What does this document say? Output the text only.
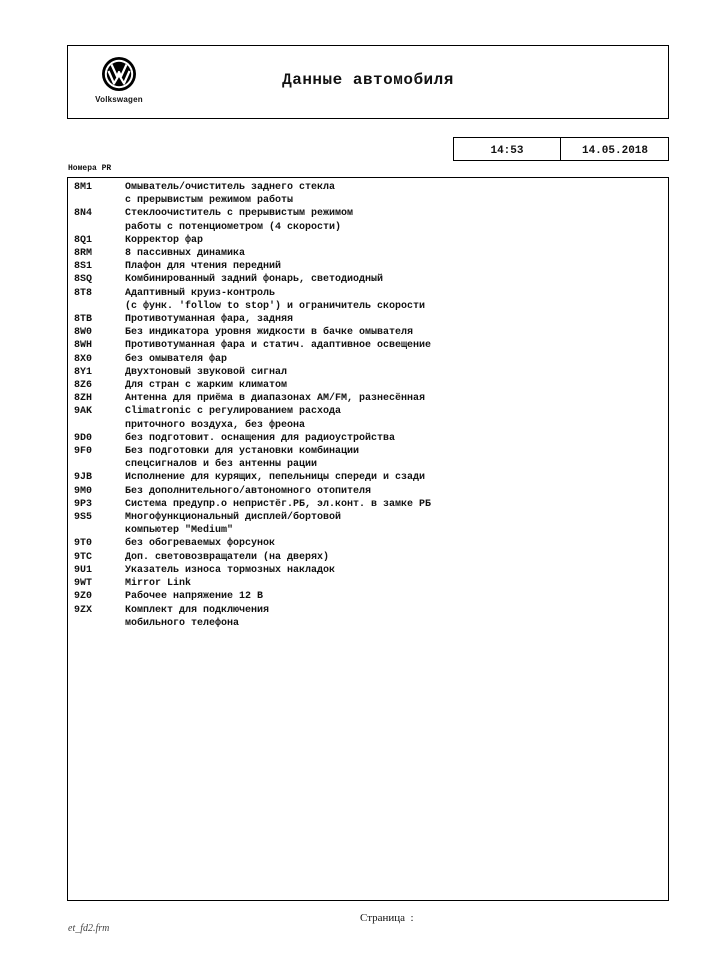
Volkswagen
Данные автомобиля
14:53	14.05.2018
Номера PR
8M1	Омыватель/очиститель заднего стекла
с прерывистым режимом работы
8N4	Стеклоочиститель с прерывистым режимом
работы с потенциометром (4 скорости)
8Q1	Корректор фар
8RM	8 пассивных динамика
8S1	Плафон для чтения передний
8SQ	Комбинированный задний фонарь, светодиодный
8T8	Адаптивный круиз-контроль
(с функ. 'follow to stop') и ограничитель скорости
8TB	Противотуманная фара, задняя
8W0	Без индикатора уровня жидкости в бачке омывателя
8WH	Противотуманная фара и статич. адаптивное освещение
8X0	без омывателя фар
8Y1	Двухтоновый звуковой сигнал
8Z6	Для стран с жарким климатом
8ZH	Антенна для приёма в диапазонах AM/FM, разнесённая
9AK	Climatronic с регулированием расхода
приточного воздуха, без фреона
9D0	без подготовит. оснащения для радиоустройства
9F0	Без подготовки для установки комбинации
спецсигналов и без антенны рации
9JB	Исполнение для курящих, пепельницы спереди и сзади
9M0	Без дополнительного/автономного отопителя
9P3	Система предупр.о непристёг.РБ, эл.конт. в замке РБ
9S5	Многофункциональный дисплей/бортовой
компьютер "Medium"
9T0	без обогреваемых форсунок
9TC	Доп. световозвращатели (на дверях)
9U1	Указатель износа тормозных накладок
9WT	Mirror Link
9Z0	Рабочее напряжение 12 В
9ZX	Комплект для подключения
мобильного телефона
Страница  :
et_fd2.frm
